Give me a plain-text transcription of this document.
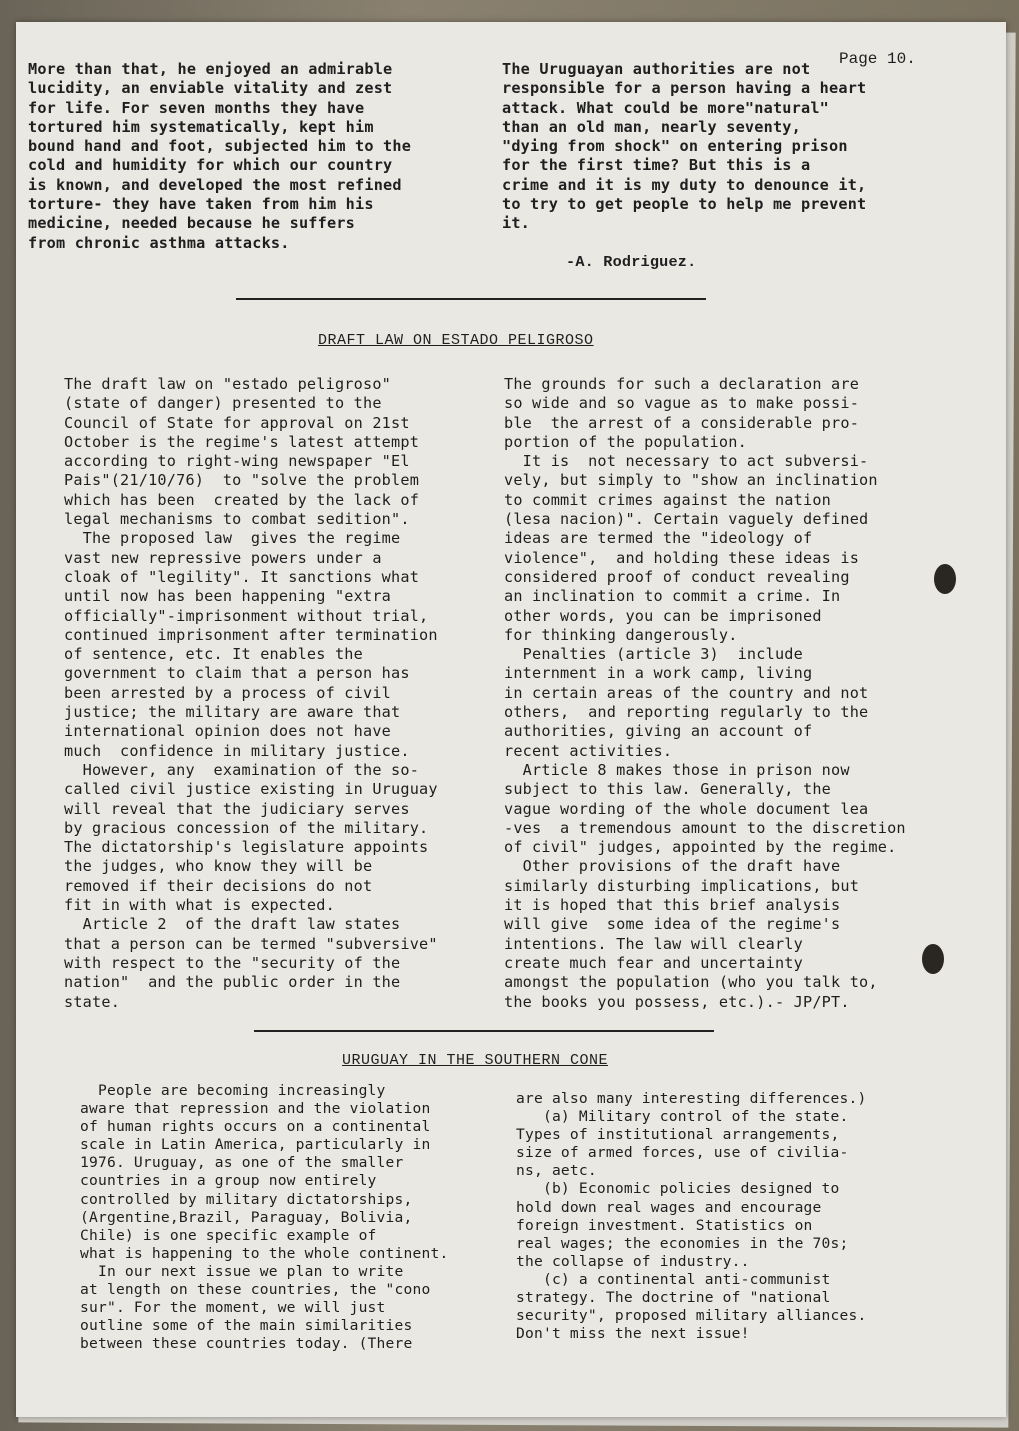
Page 10.
More than that, he enjoyed an admirable
lucidity, an enviable vitality and zest
for life. For seven months they have
tortured him systematically, kept him
bound hand and foot, subjected him to the
cold and humidity for which our country
is known, and developed the most refined
torture- they have taken from him his
medicine, needed because he suffers
from chronic asthma attacks.
The Uruguayan authorities are not
responsible for a person having a heart
attack. What could be more"natural"
than an old man, nearly seventy,
"dying from shock" on entering prison
for the first time? But this is a
crime and it is my duty to denounce it,
to try to get people to help me prevent
it.
-A. Rodriguez.
DRAFT LAW ON ESTADO PELIGROSO
The draft law on "estado peligroso"
(state of danger) presented to the
Council of State for approval on 21st
October is the regime's latest attempt
according to right-wing newspaper "El
Pais"(21/10/76)  to "solve the problem
which has been  created by the lack of
legal mechanisms to combat sedition".
The proposed law  gives the regime
vast new repressive powers under a
cloak of "legility". It sanctions what
until now has been happening "extra
officially"-imprisonment without trial,
continued imprisonment after termination
of sentence, etc. It enables the
government to claim that a person has
been arrested by a process of civil
justice; the military are aware that
international opinion does not have
much  confidence in military justice.
However, any  examination of the so-
called civil justice existing in Uruguay
will reveal that the judiciary serves
by gracious concession of the military.
The dictatorship's legislature appoints
the judges, who know they will be
removed if their decisions do not
fit in with what is expected.
Article 2  of the draft law states
that a person can be termed "subversive"
with respect to the "security of the
nation"  and the public order in the
state.
The grounds for such a declaration are
so wide and so vague as to make possi-
ble  the arrest of a considerable pro-
portion of the population.
It is  not necessary to act subversi-
vely, but simply to "show an inclination
to commit crimes against the nation
(lesa nacion)". Certain vaguely defined
ideas are termed the "ideology of
violence",  and holding these ideas is
considered proof of conduct revealing
an inclination to commit a crime. In
other words, you can be imprisoned
for thinking dangerously.
Penalties (article 3)  include
internment in a work camp, living
in certain areas of the country and not
others,  and reporting regularly to the
authorities, giving an account of
recent activities.
Article 8 makes those in prison now
subject to this law. Generally, the
vague wording of the whole document lea
-ves  a tremendous amount to the discretion
of civil" judges, appointed by the regime.
Other provisions of the draft have
similarly disturbing implications, but
it is hoped that this brief analysis
will give  some idea of the regime's
intentions. The law will clearly
create much fear and uncertainty
amongst the population (who you talk to,
the books you possess, etc.).- JP/PT.
URUGUAY IN THE SOUTHERN CONE
People are becoming increasingly
aware that repression and the violation
of human rights occurs on a continental
scale in Latin America, particularly in
1976. Uruguay, as one of the smaller
countries in a group now entirely
controlled by military dictatorships,
(Argentine,Brazil, Paraguay, Bolivia,
Chile) is one specific example of
what is happening to the whole continent.
In our next issue we plan to write
at length on these countries, the "cono
sur". For the moment, we will just
outline some of the main similarities
between these countries today. (There
are also many interesting differences.)
(a) Military control of the state.
Types of institutional arrangements,
size of armed forces, use of civilia-
ns, aetc.
(b) Economic policies designed to
hold down real wages and encourage
foreign investment. Statistics on
real wages; the economies in the 70s;
the collapse of industry..
(c) a continental anti-communist
strategy. The doctrine of "national
security", proposed military alliances.
Don't miss the next issue!
